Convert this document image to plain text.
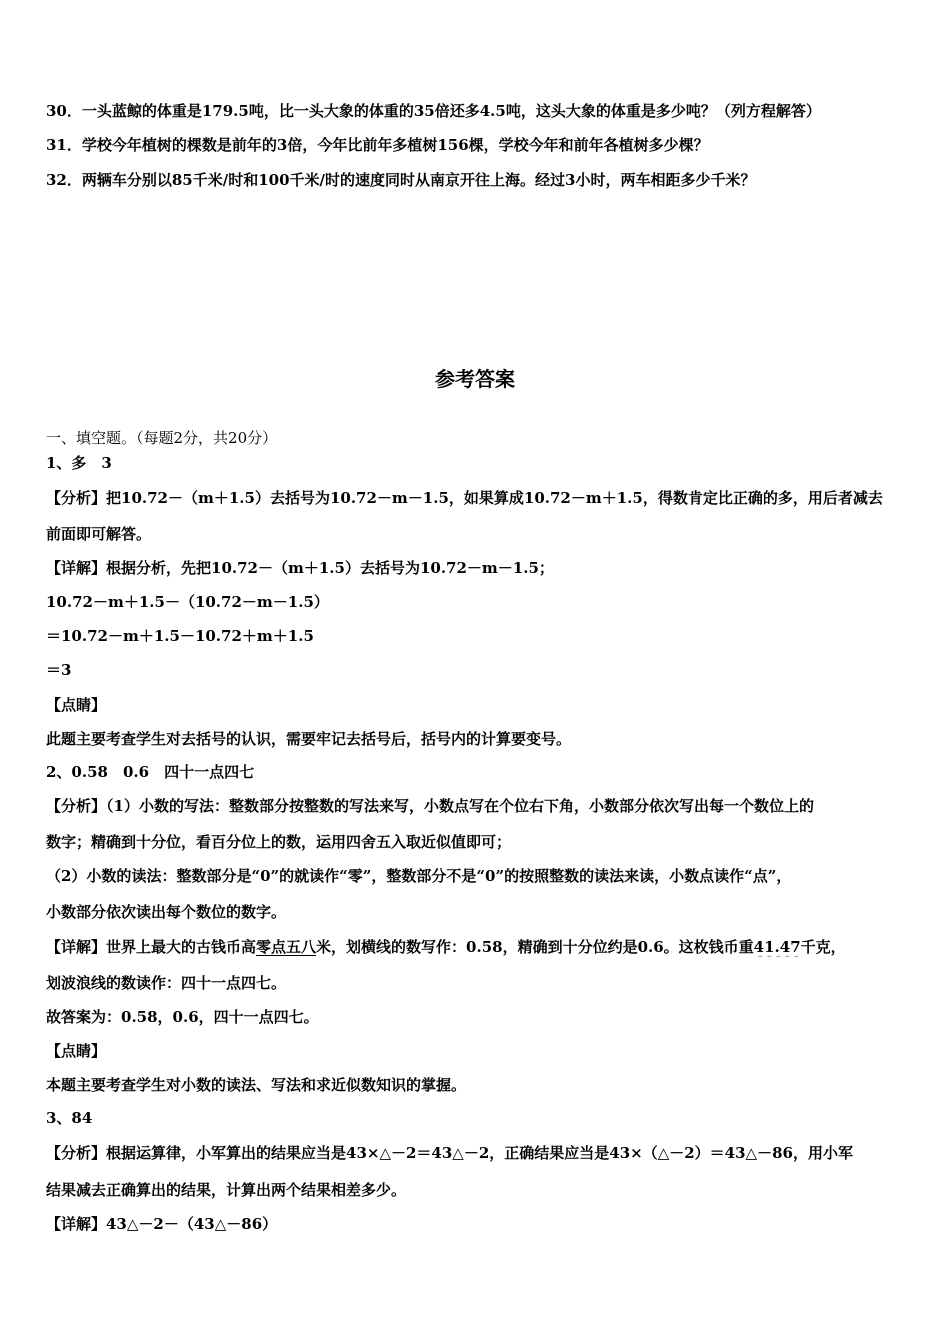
30．一头蓝鲸的体重是179.5吨，比一头大象的体重的35倍还多4.5吨，这头大象的体重是多少吨？（列方程解答）
31．学校今年植树的棵数是前年的3倍，今年比前年多植树156棵，学校今年和前年各植树多少棵？
32．两辆车分别以85千米/时和100千米/时的速度同时从南京开往上海。经过3小时，两车相距多少千米？
参考答案
一、填空题。（每题2分，共20分）
1、多　3
【分析】把10.72－（m＋1.5）去括号为10.72－m－1.5，如果算成10.72－m＋1.5，得数肯定比正确的多，用后者减去
前面即可解答。
【详解】根据分析，先把10.72－（m＋1.5）去括号为10.72－m－1.5；
10.72－m＋1.5－（10.72－m－1.5）
＝10.72－m＋1.5－10.72＋m＋1.5
＝3
【点睛】
此题主要考查学生对去括号的认识，需要牢记去括号后，括号内的计算要变号。
2、0.58　0.6　四十一点四七
【分析】（1）小数的写法：整数部分按整数的写法来写，小数点写在个位右下角，小数部分依次写出每一个数位上的
数字；精确到十分位，看百分位上的数，运用四舍五入取近似值即可；
（2）小数的读法：整数部分是“0”的就读作“零”，整数部分不是“0”的按照整数的读法来读，小数点读作“点”，
小数部分依次读出每个数位的数字。
【详解】世界上最大的古钱币高零点五八米，划横线的数写作：0.58，精确到十分位约是0.6。这枚钱币重41.47千克，
划波浪线的数读作：四十一点四七。
故答案为：0.58，0.6，四十一点四七。
【点睛】
本题主要考查学生对小数的读法、写法和求近似数知识的掌握。
3、84
【分析】根据运算律，小军算出的结果应当是43×△－2＝43△－2，正确结果应当是43×（△－2）＝43△－86，用小军
结果减去正确算出的结果，计算出两个结果相差多少。
【详解】43△－2－（43△－86）
